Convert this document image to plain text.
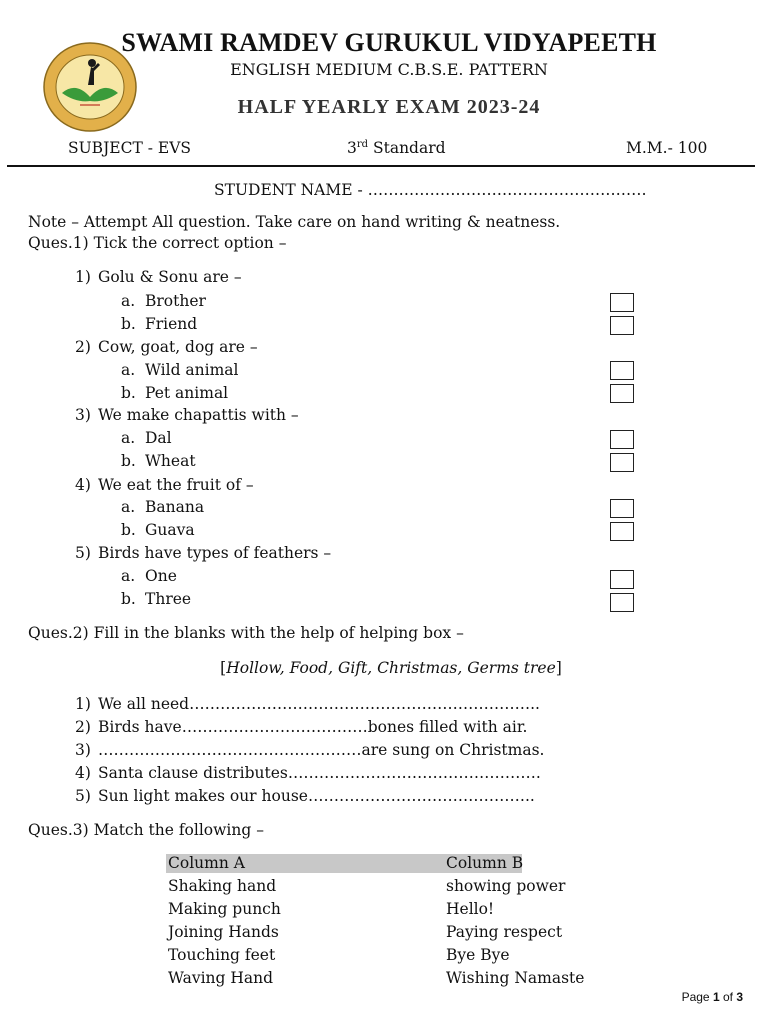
SWAMI RAMDEV GURUKUL VIDYAPEETH
ENGLISH MEDIUM C.B.S.E. PATTERN
HALF YEARLY EXAM 2023-24
SUBJECT - EVS	3rd Standard	M.M.- 100
STUDENT NAME - ………………………………………………
Note – Attempt All question. Take care on hand writing & neatness.
Ques.1) Tick the correct option –
1) Golu & Sonu are –
a. Brother
b. Friend
2) Cow, goat, dog are –
a. Wild animal
b. Pet animal
3) We make chapattis with –
a. Dal
b. Wheat
4) We eat the fruit of –
a. Banana
b. Guava
5) Birds have types of feathers –
a. One
b. Three
Ques.2) Fill in the blanks with the help of helping box –
[Hollow, Food, Gift, Christmas, Germs tree]
1) We all need…………………………………………………………..
2) Birds have………………………………bones filled with air.
3) ……………………………………………are sung on Christmas.
4) Santa clause distributes………………………………………….
5) Sun light makes our house……………………………………..
Ques.3) Match the following –
Column A	Column B
Shaking hand	showing power
Making punch	Hello!
Joining Hands	Paying respect
Touching feet	Bye Bye
Waving Hand	Wishing Namaste
Page 1 of 3
